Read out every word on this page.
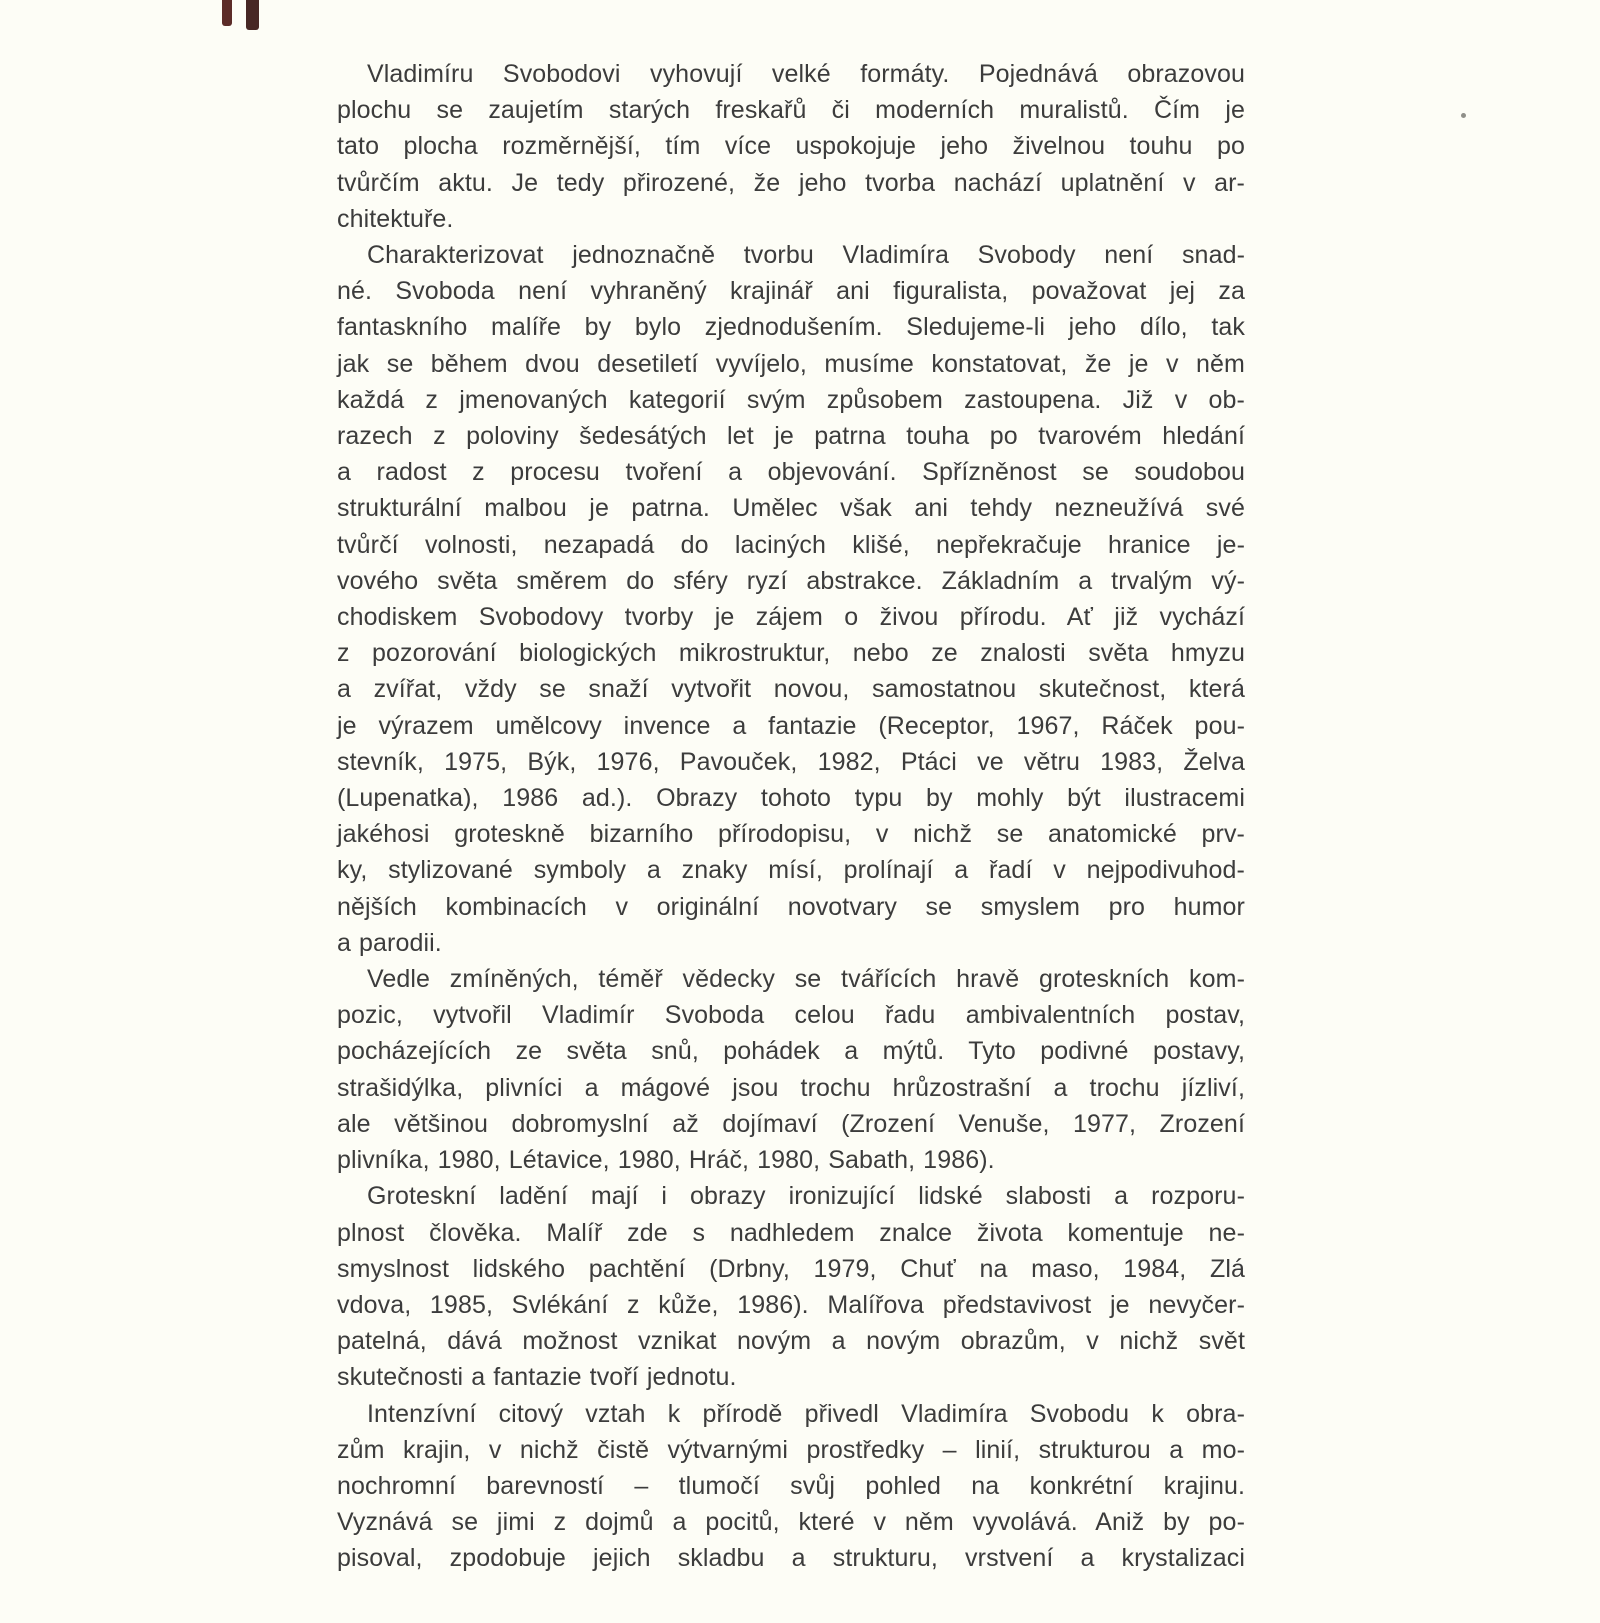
Vladimíru Svobodovi vyhovují velké formáty. Pojednává obrazovou
plochu se zaujetím starých freskařů či moderních muralistů. Čím je
tato plocha rozměrnější, tím více uspokojuje jeho živelnou touhu po
tvůrčím aktu. Je tedy přirozené, že jeho tvorba nachází uplatnění v ar-
chitektuře.
Charakterizovat jednoznačně tvorbu Vladimíra Svobody není snad-
né. Svoboda není vyhraněný krajinář ani figuralista, považovat jej za
fantaskního malíře by bylo zjednodušením. Sledujeme-li jeho dílo, tak
jak se během dvou desetiletí vyvíjelo, musíme konstatovat, že je v něm
každá z jmenovaných kategorií svým způsobem zastoupena. Již v ob-
razech z poloviny šedesátých let je patrna touha po tvarovém hledání
a radost z procesu tvoření a objevování. Spřízněnost se soudobou
strukturální malbou je patrna. Umělec však ani tehdy nezneužívá své
tvůrčí volnosti, nezapadá do laciných klišé, nepřekračuje hranice je-
vového světa směrem do sféry ryzí abstrakce. Základním a trvalým vý-
chodiskem Svobodovy tvorby je zájem o živou přírodu. Ať již vychází
z pozorování biologických mikrostruktur, nebo ze znalosti světa hmyzu
a zvířat, vždy se snaží vytvořit novou, samostatnou skutečnost, která
je výrazem umělcovy invence a fantazie (Receptor, 1967, Ráček pou-
stevník, 1975, Býk, 1976, Pavouček, 1982, Ptáci ve větru 1983, Želva
(Lupenatka), 1986 ad.). Obrazy tohoto typu by mohly být ilustracemi
jakéhosi groteskně bizarního přírodopisu, v nichž se anatomické prv-
ky, stylizované symboly a znaky mísí, prolínají a řadí v nejpodivuhod-
nějších kombinacích v originální novotvary se smyslem pro humor
a parodii.
Vedle zmíněných, téměř vědecky se tvářících hravě groteskních kom-
pozic, vytvořil Vladimír Svoboda celou řadu ambivalentních postav,
pocházejících ze světa snů, pohádek a mýtů. Tyto podivné postavy,
strašidýlka, plivníci a mágové jsou trochu hrůzostrašní a trochu jízliví,
ale většinou dobromyslní až dojímaví (Zrození Venuše, 1977, Zrození
plivníka, 1980, Létavice, 1980, Hráč, 1980, Sabath, 1986).
Groteskní ladění mají i obrazy ironizující lidské slabosti a rozporu-
plnost člověka. Malíř zde s nadhledem znalce života komentuje ne-
smyslnost lidského pachtění (Drbny, 1979, Chuť na maso, 1984, Zlá
vdova, 1985, Svlékání z kůže, 1986). Malířova představivost je nevyčer-
patelná, dává možnost vznikat novým a novým obrazům, v nichž svět
skutečnosti a fantazie tvoří jednotu.
Intenzívní citový vztah k přírodě přivedl Vladimíra Svobodu k obra-
zům krajin, v nichž čistě výtvarnými prostředky – linií, strukturou a mo-
nochromní barevností – tlumočí svůj pohled na konkrétní krajinu.
Vyznává se jimi z dojmů a pocitů, které v něm vyvolává. Aniž by po-
pisoval, zpodobuje jejich skladbu a strukturu, vrstvení a krystalizaci
